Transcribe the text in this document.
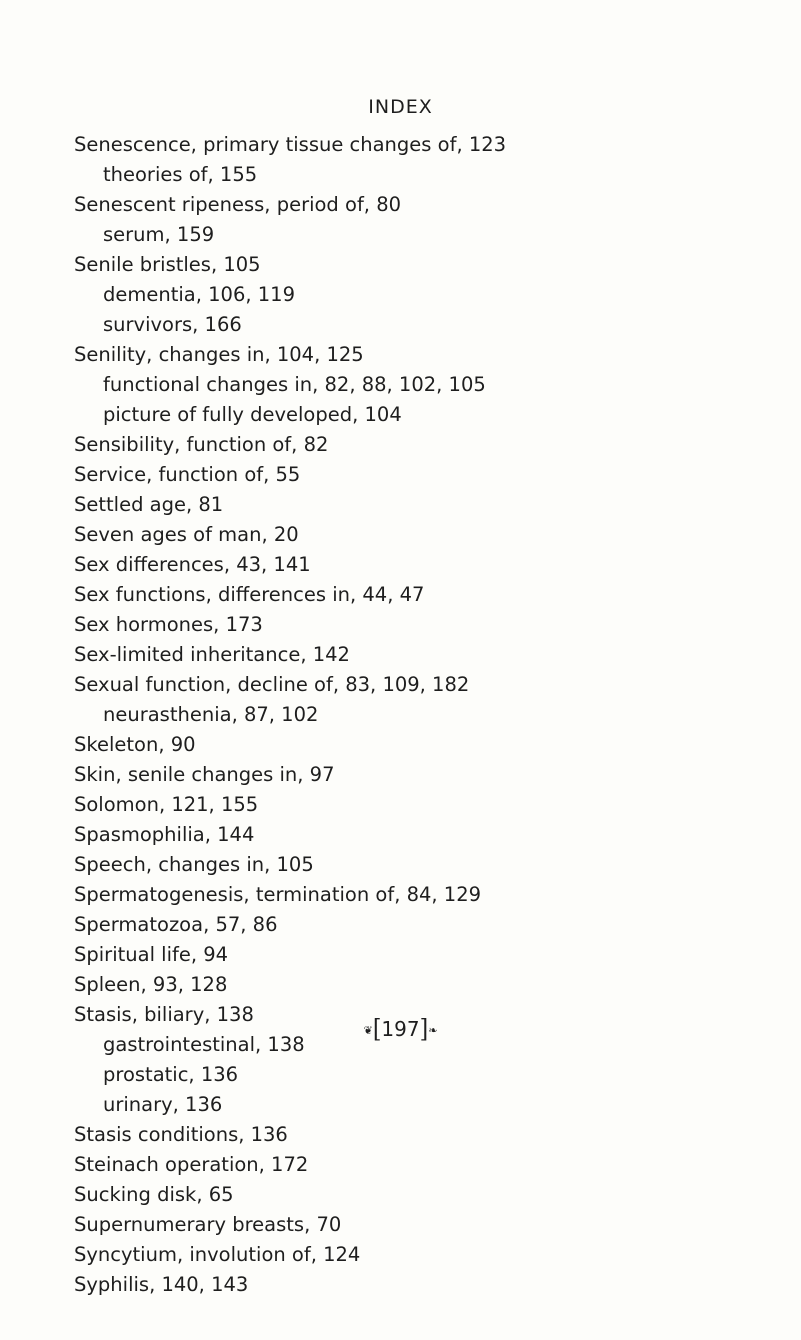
INDEX
Senescence, primary tissue changes of, 123
theories of, 155
Senescent ripeness, period of, 80
serum, 159
Senile bristles, 105
dementia, 106, 119
survivors, 166
Senility, changes in, 104, 125
functional changes in, 82, 88, 102, 105
picture of fully developed, 104
Sensibility, function of, 82
Service, function of, 55
Settled age, 81
Seven ages of man, 20
Sex differences, 43, 141
Sex functions, differences in, 44, 47
Sex hormones, 173
Sex-limited inheritance, 142
Sexual function, decline of, 83, 109, 182
neurasthenia, 87, 102
Skeleton, 90
Skin, senile changes in, 97
Solomon, 121, 155
Spasmophilia, 144
Speech, changes in, 105
Spermatogenesis, termination of, 84, 129
Spermatozoa, 57, 86
Spiritual life, 94
Spleen, 93, 128
Stasis, biliary, 138
gastrointestinal, 138
prostatic, 136
urinary, 136
Stasis conditions, 136
Steinach operation, 172
Sucking disk, 65
Supernumerary breasts, 70
Syncytium, involution of, 124
Syphilis, 140, 143
❦[197]❧
